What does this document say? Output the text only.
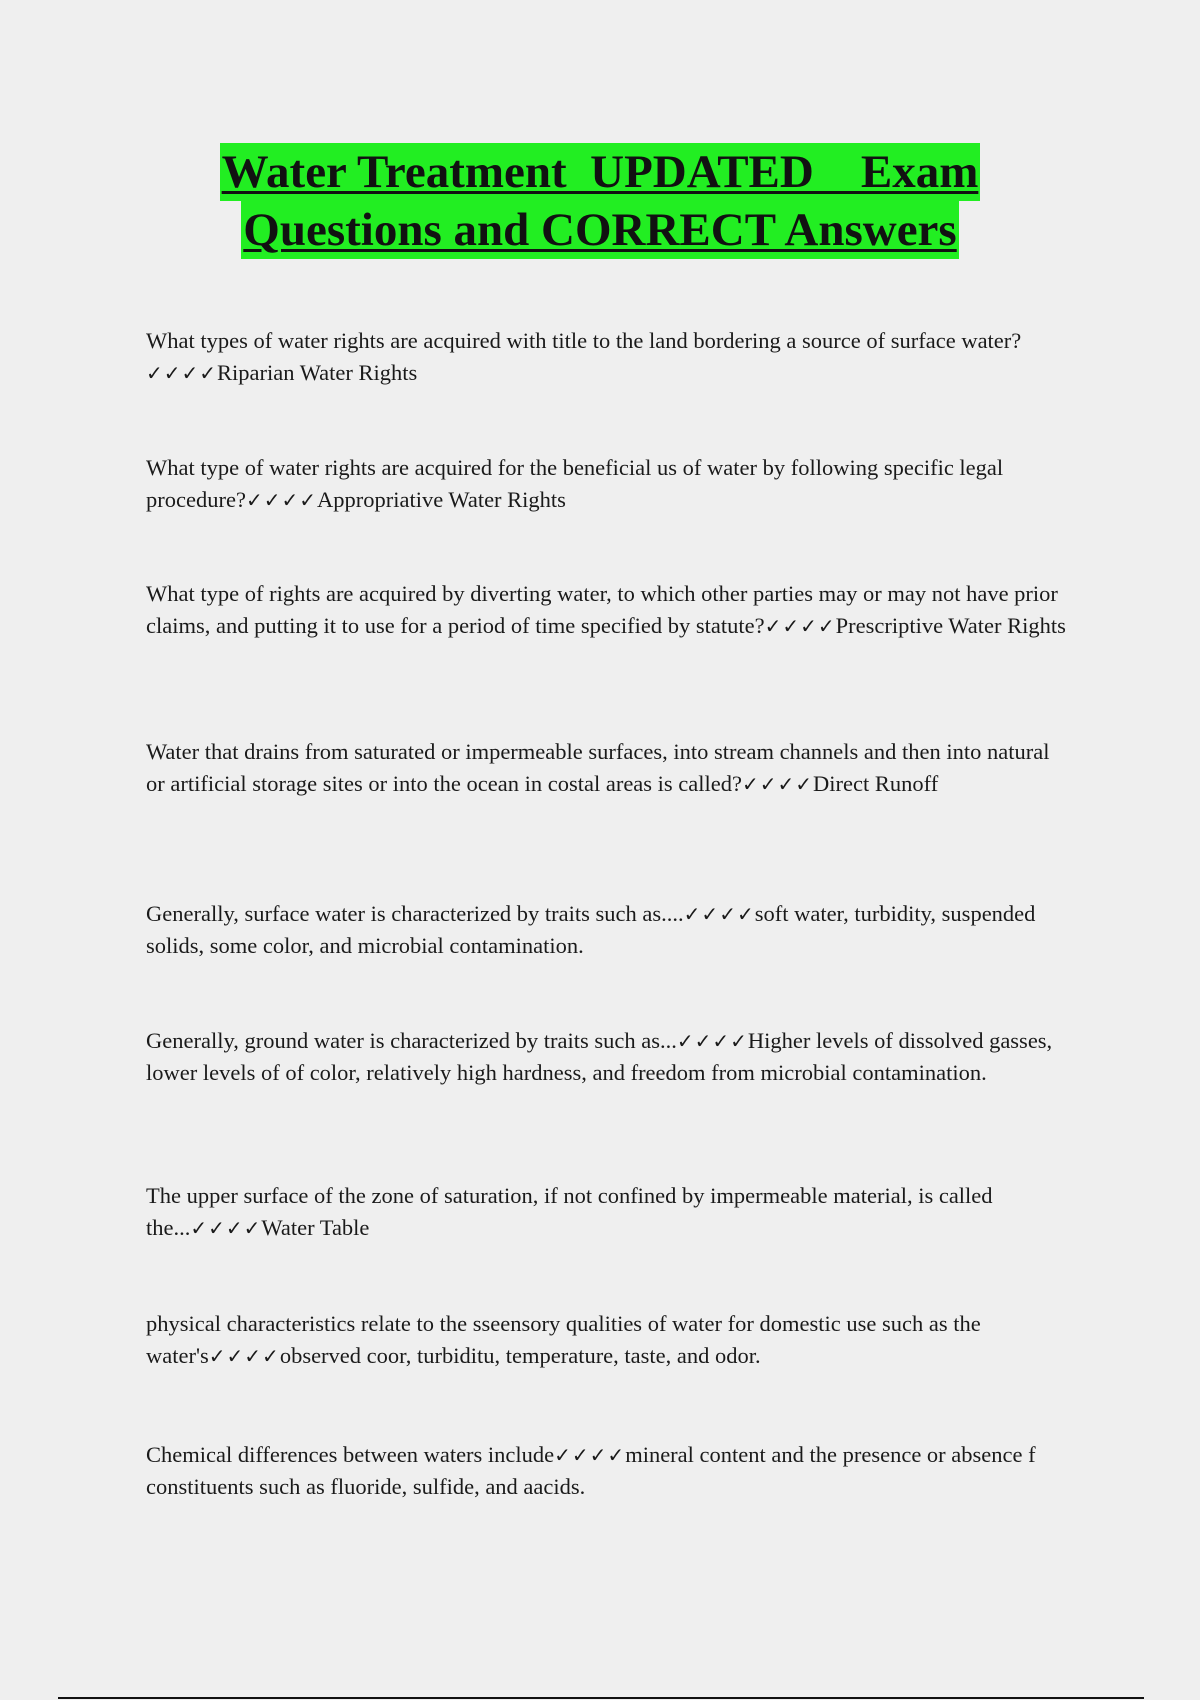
Water Treatment  UPDATED    Exam

Questions and CORRECT Answers

What types of water rights are acquired with title to the land bordering a source of surface water?✓✓✓✓Riparian Water Rights

What type of water rights are acquired for the beneficial us of water by following specific legal procedure?✓✓✓✓Appropriative Water Rights

What type of rights are acquired by diverting water, to which other parties may or may not have prior claims, and putting it to use for a period of time specified by statute?✓✓✓✓Prescriptive Water Rights

Water that drains from saturated or impermeable surfaces, into stream channels and then into natural or artificial storage sites or into the ocean in costal areas is called?✓✓✓✓Direct Runoff

Generally, surface water is characterized by traits such as....✓✓✓✓soft water, turbidity, suspended solids, some color, and microbial contamination.

Generally, ground water is characterized by traits such as...✓✓✓✓Higher levels of dissolved gasses, lower levels of of color, relatively high hardness, and freedom from microbial contamination.

The upper surface of the zone of saturation, if not confined by impermeable material, is called the...✓✓✓✓Water Table

physical characteristics relate to the sseensory qualities of water for domestic use such as the water's✓✓✓✓observed coor, turbiditu, temperature, taste, and odor.

Chemical differences between waters include✓✓✓✓mineral content and the presence or absence f constituents such as fluoride, sulfide, and aacids.
